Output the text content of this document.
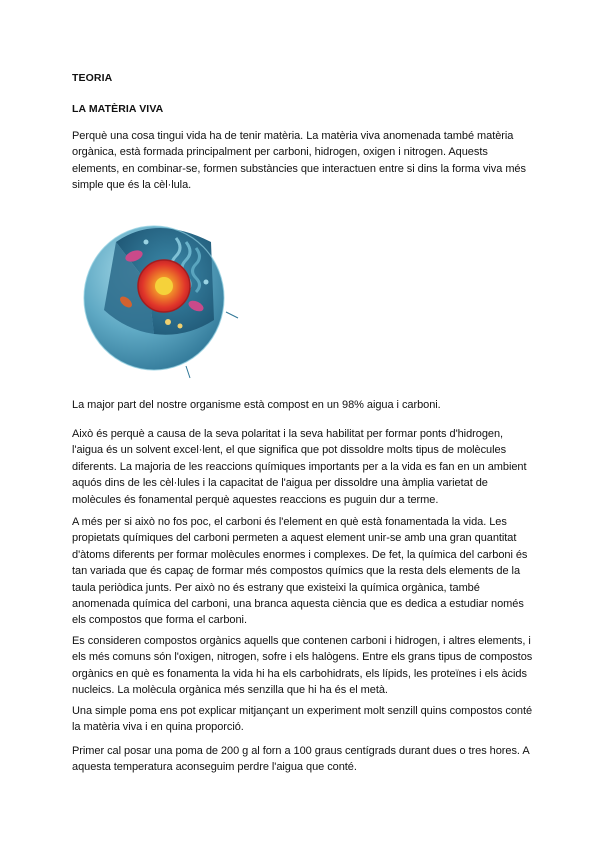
TEORIA
LA MATÈRIA VIVA
Perquè una cosa tingui vida ha de tenir matèria. La matèria viva anomenada també matèria orgànica, està formada principalment per carboni, hidrogen, oxigen i nitrogen. Aquests elements, en combinar-se, formen substàncies que interactuen entre si dins la forma viva més simple que és la cèl·lula.
La major part del nostre organisme està compost en un 98% aigua i carboni.
Això és perquè a causa de la seva polaritat i la seva habilitat per formar ponts d'hidrogen, l'aigua és un solvent excel·lent, el que significa que pot dissoldre molts tipus de molècules diferents. La majoria de les reaccions químiques importants per a la vida es fan en un ambient aquós dins de les cèl·lules i la capacitat de l'aigua per dissoldre una àmplia varietat de molècules és fonamental perquè aquestes reaccions es puguin dur a terme.
A més per si això no fos poc, el carboni és l'element en què està fonamentada la vida. Les propietats químiques del carboni permeten a aquest element unir-se amb una gran quantitat d'àtoms diferents per formar molècules enormes i complexes. De fet, la química del carboni és tan variada que és capaç de formar més compostos químics que la resta dels elements de la taula periòdica junts. Per això no és estrany que existeixi la química orgànica, també anomenada química del carboni, una branca aquesta ciència que es dedica a estudiar només els compostos que forma el carboni.
Es consideren compostos orgànics aquells que contenen carboni i hidrogen, i altres elements, i els més comuns són l'oxigen, nitrogen, sofre i els halògens. Entre els grans tipus de compostos orgànics en què es fonamenta la vida hi ha els carbohidrats, els lípids, les proteïnes i els àcids nucleics. La molècula orgànica més senzilla que hi ha és el metà.
Una simple poma ens pot explicar mitjançant un experiment molt senzill quins compostos conté la matèria viva i en quina proporció.
Primer cal posar una poma de 200 g al forn a 100 graus centígrads durant dues o tres hores. A aquesta temperatura aconseguim perdre l'aigua que conté.
